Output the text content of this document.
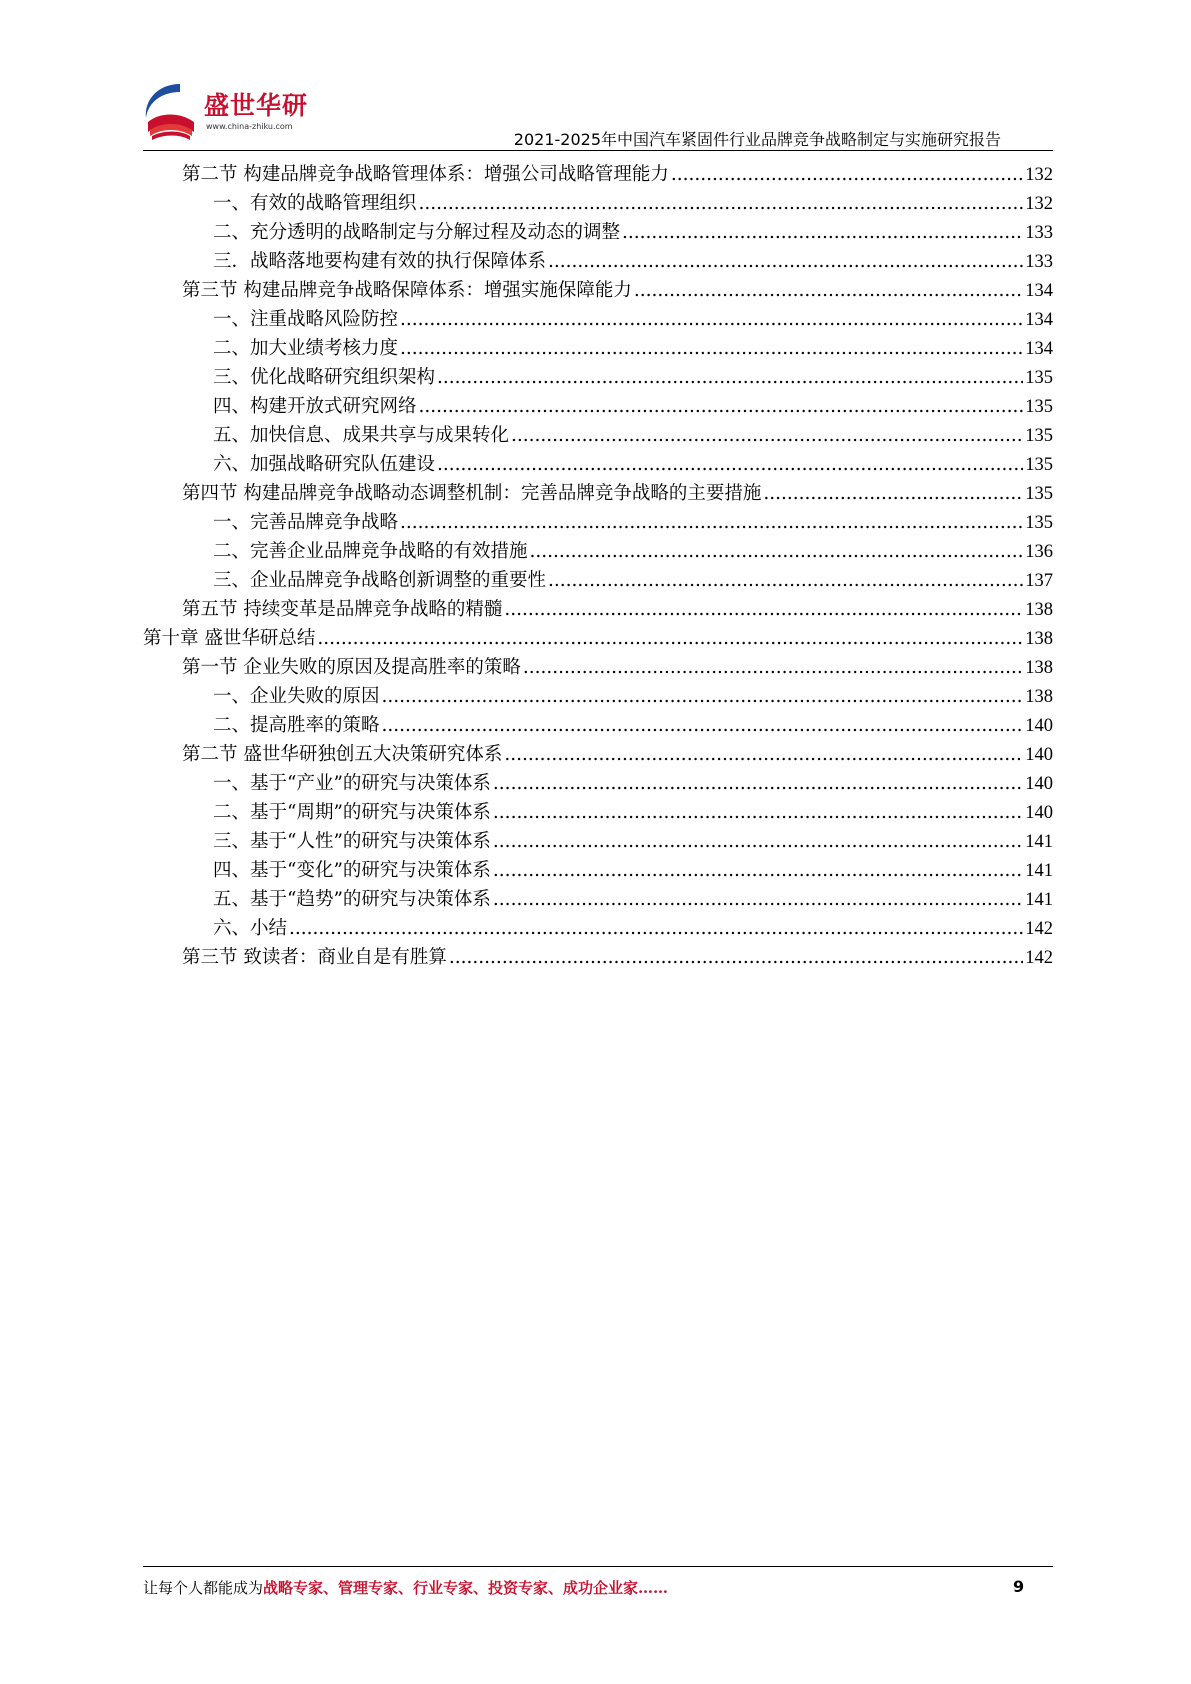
盛世华研
www.china-zhiku.com
2021-2025年中国汽车紧固件行业品牌竞争战略制定与实施研究报告
第二节 构建品牌竞争战略管理体系：增强公司战略管理能力 .....	132
一、有效的战略管理组织 .....	132
二、充分透明的战略制定与分解过程及动态的调整 .....	133
三．战略落地要构建有效的执行保障体系 .....	133
第三节 构建品牌竞争战略保障体系：增强实施保障能力 .....	134
一、注重战略风险防控 .....	134
二、加大业绩考核力度 .....	134
三、优化战略研究组织架构 .....	135
四、构建开放式研究网络 .....	135
五、加快信息、成果共享与成果转化 .....	135
六、加强战略研究队伍建设 .....	135
第四节 构建品牌竞争战略动态调整机制：完善品牌竞争战略的主要措施 .....	135
一、完善品牌竞争战略 .....	135
二、完善企业品牌竞争战略的有效措施 .....	136
三、企业品牌竞争战略创新调整的重要性 .....	137
第五节 持续变革是品牌竞争战略的精髓 .....	138
第十章 盛世华研总结 .....	138
第一节 企业失败的原因及提高胜率的策略 .....	138
一、企业失败的原因 .....	138
二、提高胜率的策略 .....	140
第二节 盛世华研独创五大决策研究体系 .....	140
一、基于“产业”的研究与决策体系 .....	140
二、基于“周期”的研究与决策体系 .....	140
三、基于“人性”的研究与决策体系 .....	141
四、基于“变化”的研究与决策体系 .....	141
五、基于“趋势”的研究与决策体系 .....	141
六、小结 .....	142
第三节 致读者：商业自是有胜算 .....	142
让每个人都能成为战略专家、管理专家、行业专家、投资专家、成功企业家……	9
